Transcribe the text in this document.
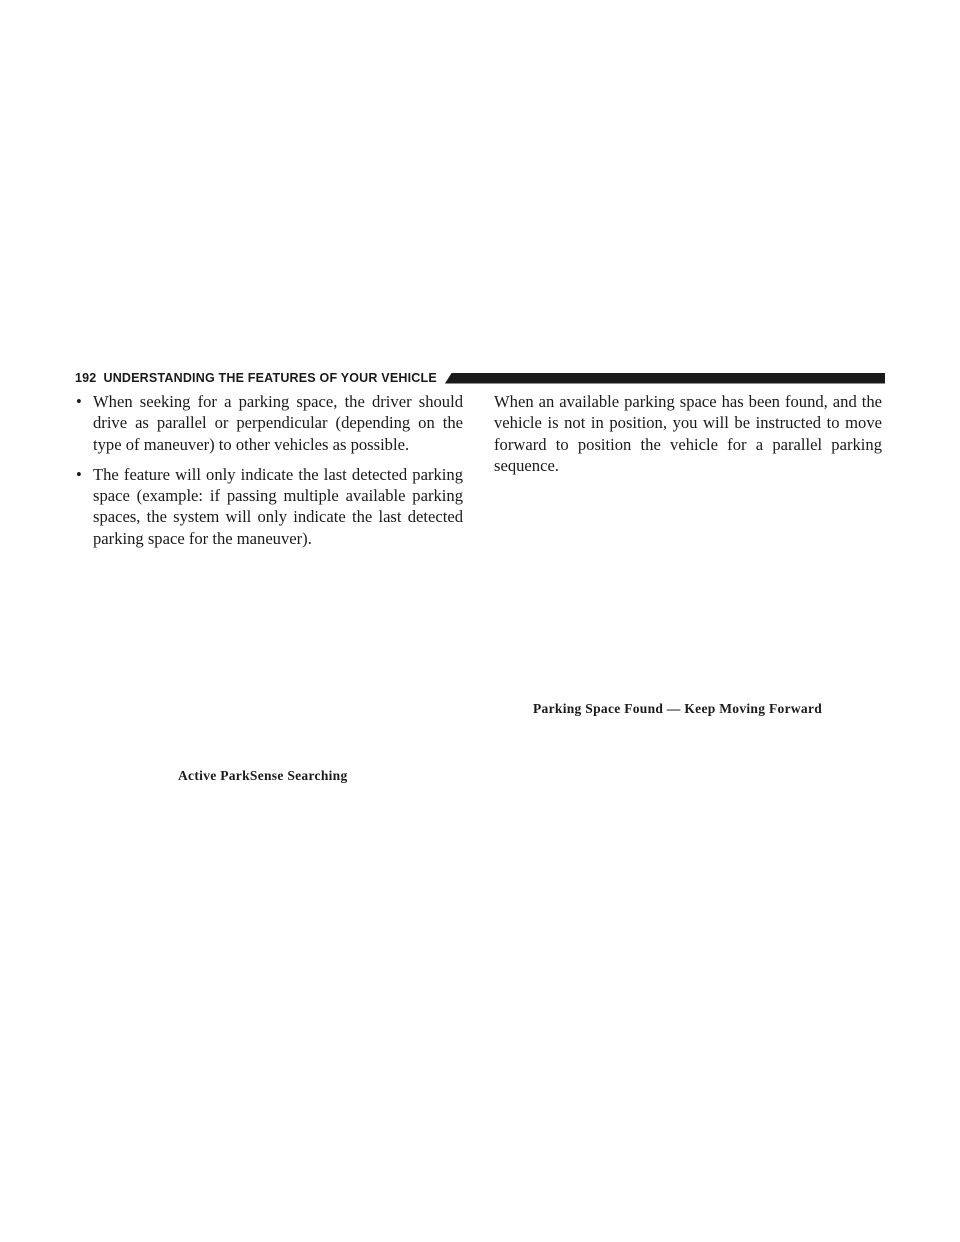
192 UNDERSTANDING THE FEATURES OF YOUR VEHICLE
• When seeking for a parking space, the driver should drive as parallel or perpendicular (depending on the type of maneuver) to other vehicles as possible.
• The feature will only indicate the last detected parking space (example: if passing multiple available parking spaces, the system will only indicate the last detected parking space for the maneuver).

When an available parking space has been found, and the vehicle is not in position, you will be instructed to move forward to position the vehicle for a parallel parking sequence.

Parking Space Found — Keep Moving Forward
Active ParkSense Searching
